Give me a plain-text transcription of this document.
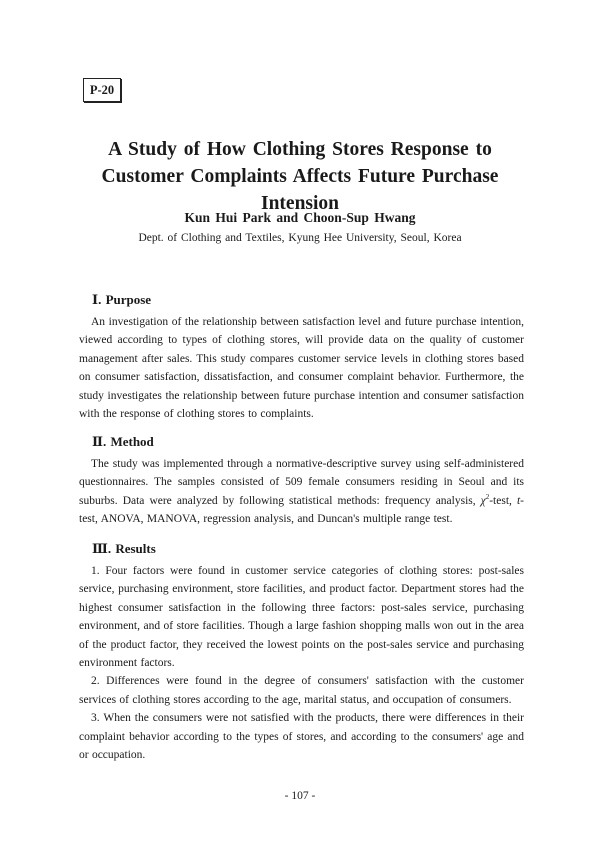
P-20
A Study of How Clothing Stores Response to
Customer Complaints Affects Future Purchase Intension
Kun Hui Park and Choon-Sup Hwang
Dept. of Clothing and Textiles, Kyung Hee University, Seoul, Korea
Ⅰ. Purpose

An investigation of the relationship between satisfaction level and future purchase intention, viewed according to types of clothing stores, will provide data on the quality of customer management after sales. This study compares customer service levels in clothing stores based on consumer satisfaction, dissatisfaction, and consumer complaint behavior. Furthermore, the study investigates the relationship between future purchase intention and consumer satisfaction with the response of clothing stores to complaints.

Ⅱ. Method

The study was implemented through a normative-descriptive survey using self-administered questionnaires. The samples consisted of 509 female consumers residing in Seoul and its suburbs. Data were analyzed by following statistical methods: frequency analysis, $\chi^2$-test, t-test, ANOVA, MANOVA, regression analysis, and Duncan's multiple range test.

Ⅲ. Results

1. Four factors were found in customer service categories of clothing stores: post-sales service, purchasing environment, store facilities, and product factor. Department stores had the highest consumer satisfaction in the following three factors: post-sales service, purchasing environment, and of store facilities. Though a large fashion shopping malls won out in the area of the product factor, they received the lowest points on the post-sales service and purchasing environment factors.

2. Differences were found in the degree of consumers' satisfaction with the customer services of clothing stores according to the age, marital status, and occupation of consumers.

3. When the consumers were not satisfied with the products, there were differences in their complaint behavior according to the types of stores, and according to the consumers' age and or occupation.

- 107 -
